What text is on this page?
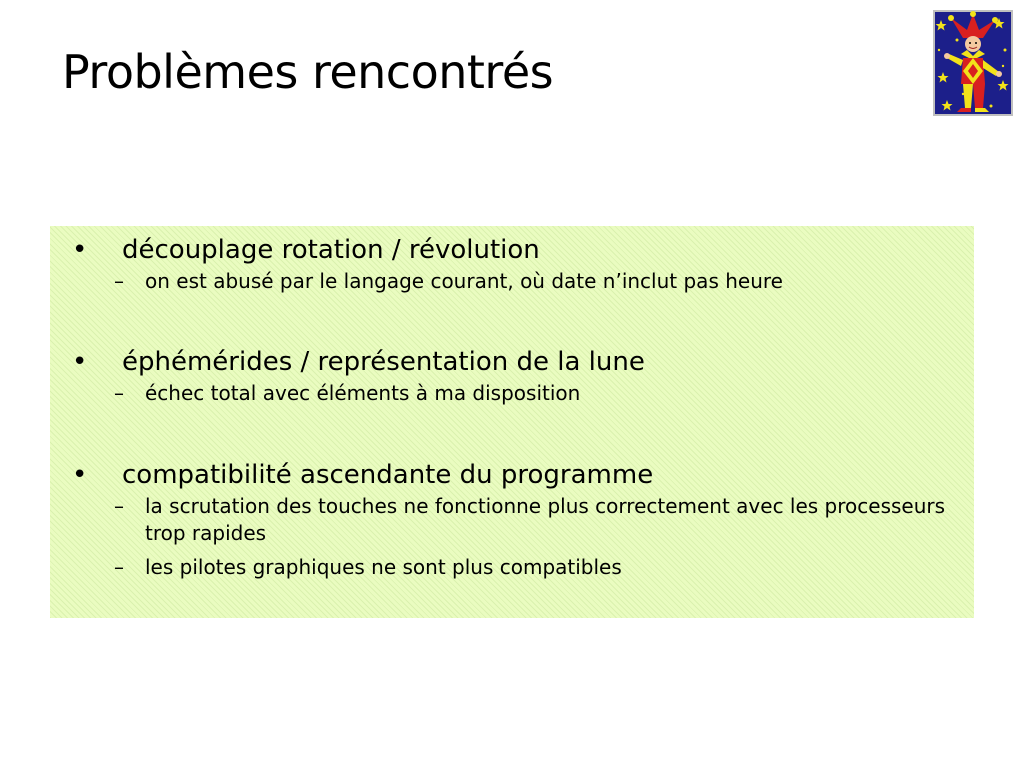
Problèmes rencontrés
• découplage rotation / révolution
– on est abusé par le langage courant, où date n’inclut pas heure
• éphémérides / représentation de la lune
– échec total avec éléments à ma disposition
• compatibilité ascendante du programme
– la scrutation des touches ne fonctionne plus correctement avec les processeurs trop rapides
– les pilotes graphiques ne sont plus compatibles
